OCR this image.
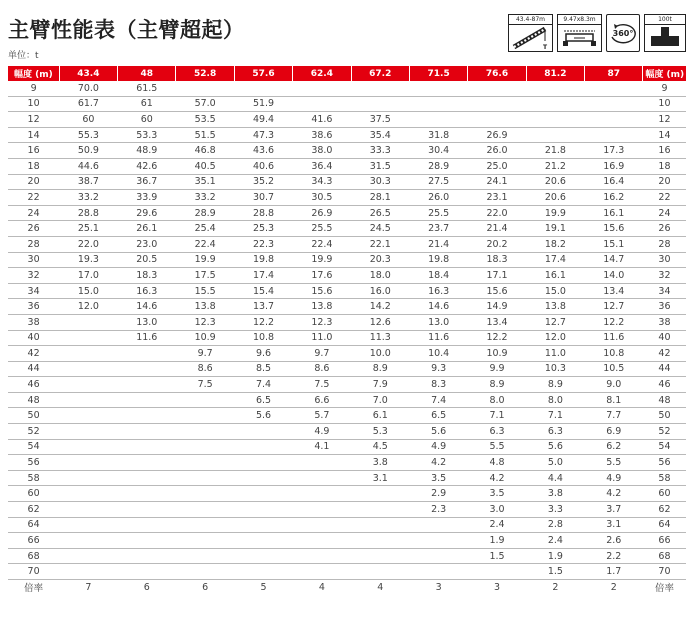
主臂性能表（主臂超起）
单位：t
43.4-87m
T
9.47x8.3m
360°
100t
幅度 (m)	43.4	48	52.8	57.6	62.4	67.2	71.5	76.6	81.2	87	幅度 (m)
9	70.0	61.5									9
10	61.7	61	57.0	51.9							10
12	60	60	53.5	49.4	41.6	37.5					12
14	55.3	53.3	51.5	47.3	38.6	35.4	31.8	26.9			14
16	50.9	48.9	46.8	43.6	38.0	33.3	30.4	26.0	21.8	17.3	16
18	44.6	42.6	40.5	40.6	36.4	31.5	28.9	25.0	21.2	16.9	18
20	38.7	36.7	35.1	35.2	34.3	30.3	27.5	24.1	20.6	16.4	20
22	33.2	33.9	33.2	30.7	30.5	28.1	26.0	23.1	20.6	16.2	22
24	28.8	29.6	28.9	28.8	26.9	26.5	25.5	22.0	19.9	16.1	24
26	25.1	26.1	25.4	25.3	25.5	24.5	23.7	21.4	19.1	15.6	26
28	22.0	23.0	22.4	22.3	22.4	22.1	21.4	20.2	18.2	15.1	28
30	19.3	20.5	19.9	19.8	19.9	20.3	19.8	18.3	17.4	14.7	30
32	17.0	18.3	17.5	17.4	17.6	18.0	18.4	17.1	16.1	14.0	32
34	15.0	16.3	15.5	15.4	15.6	16.0	16.3	15.6	15.0	13.4	34
36	12.0	14.6	13.8	13.7	13.8	14.2	14.6	14.9	13.8	12.7	36
38		13.0	12.3	12.2	12.3	12.6	13.0	13.4	12.7	12.2	38
40		11.6	10.9	10.8	11.0	11.3	11.6	12.2	12.0	11.6	40
42			9.7	9.6	9.7	10.0	10.4	10.9	11.0	10.8	42
44			8.6	8.5	8.6	8.9	9.3	9.9	10.3	10.5	44
46			7.5	7.4	7.5	7.9	8.3	8.9	8.9	9.0	46
48				6.5	6.6	7.0	7.4	8.0	8.0	8.1	48
50				5.6	5.7	6.1	6.5	7.1	7.1	7.7	50
52					4.9	5.3	5.6	6.3	6.3	6.9	52
54					4.1	4.5	4.9	5.5	5.6	6.2	54
56						3.8	4.2	4.8	5.0	5.5	56
58						3.1	3.5	4.2	4.4	4.9	58
60							2.9	3.5	3.8	4.2	60
62							2.3	3.0	3.3	3.7	62
64								2.4	2.8	3.1	64
66								1.9	2.4	2.6	66
68								1.5	1.9	2.2	68
70									1.5	1.7	70
倍率	7	6	6	5	4	4	3	3	2	2	倍率
